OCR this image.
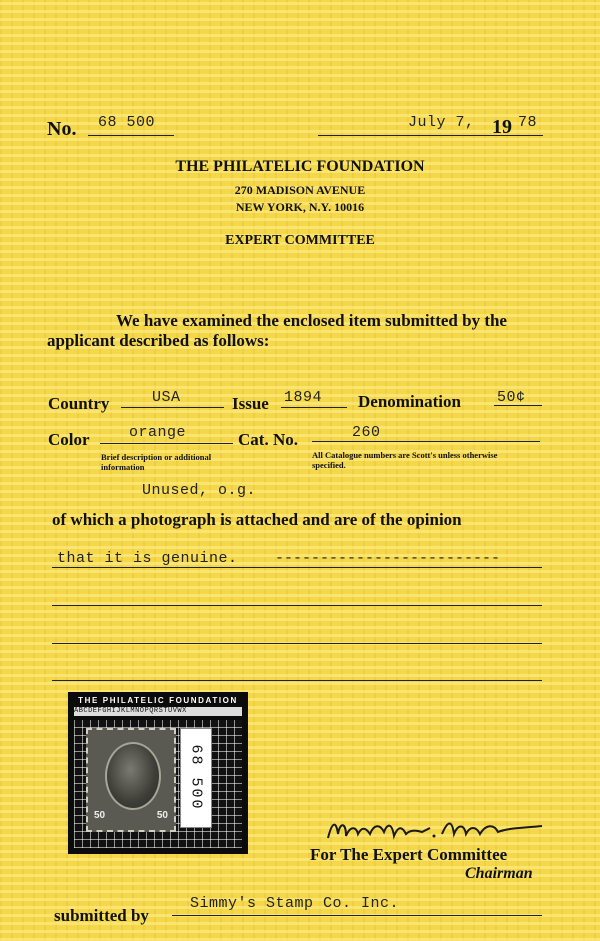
No. 68 500	July 7, 19 78
THE PHILATELIC FOUNDATION
270 MADISON AVENUE
NEW YORK, N.Y. 10016
EXPERT COMMITTEE
We have examined the enclosed item submitted by the
applicant described as follows:
Country	USA	Issue 1894 Denomination 50¢
Color	orange	Cat. No.	260
Brief description or additional information
All Catalogue numbers are Scott's unless otherwise specified.
Unused, o.g.
of which a photograph is attached and are of the opinion
that it is genuine. -------------------------
THE PHILATELIC FOUNDATION
ABCDEFGHIJKLMNOPQRSTUVWX
50	50
68 500
For The Expert Committee
Chairman
submitted by
Simmy's Stamp Co. Inc.
